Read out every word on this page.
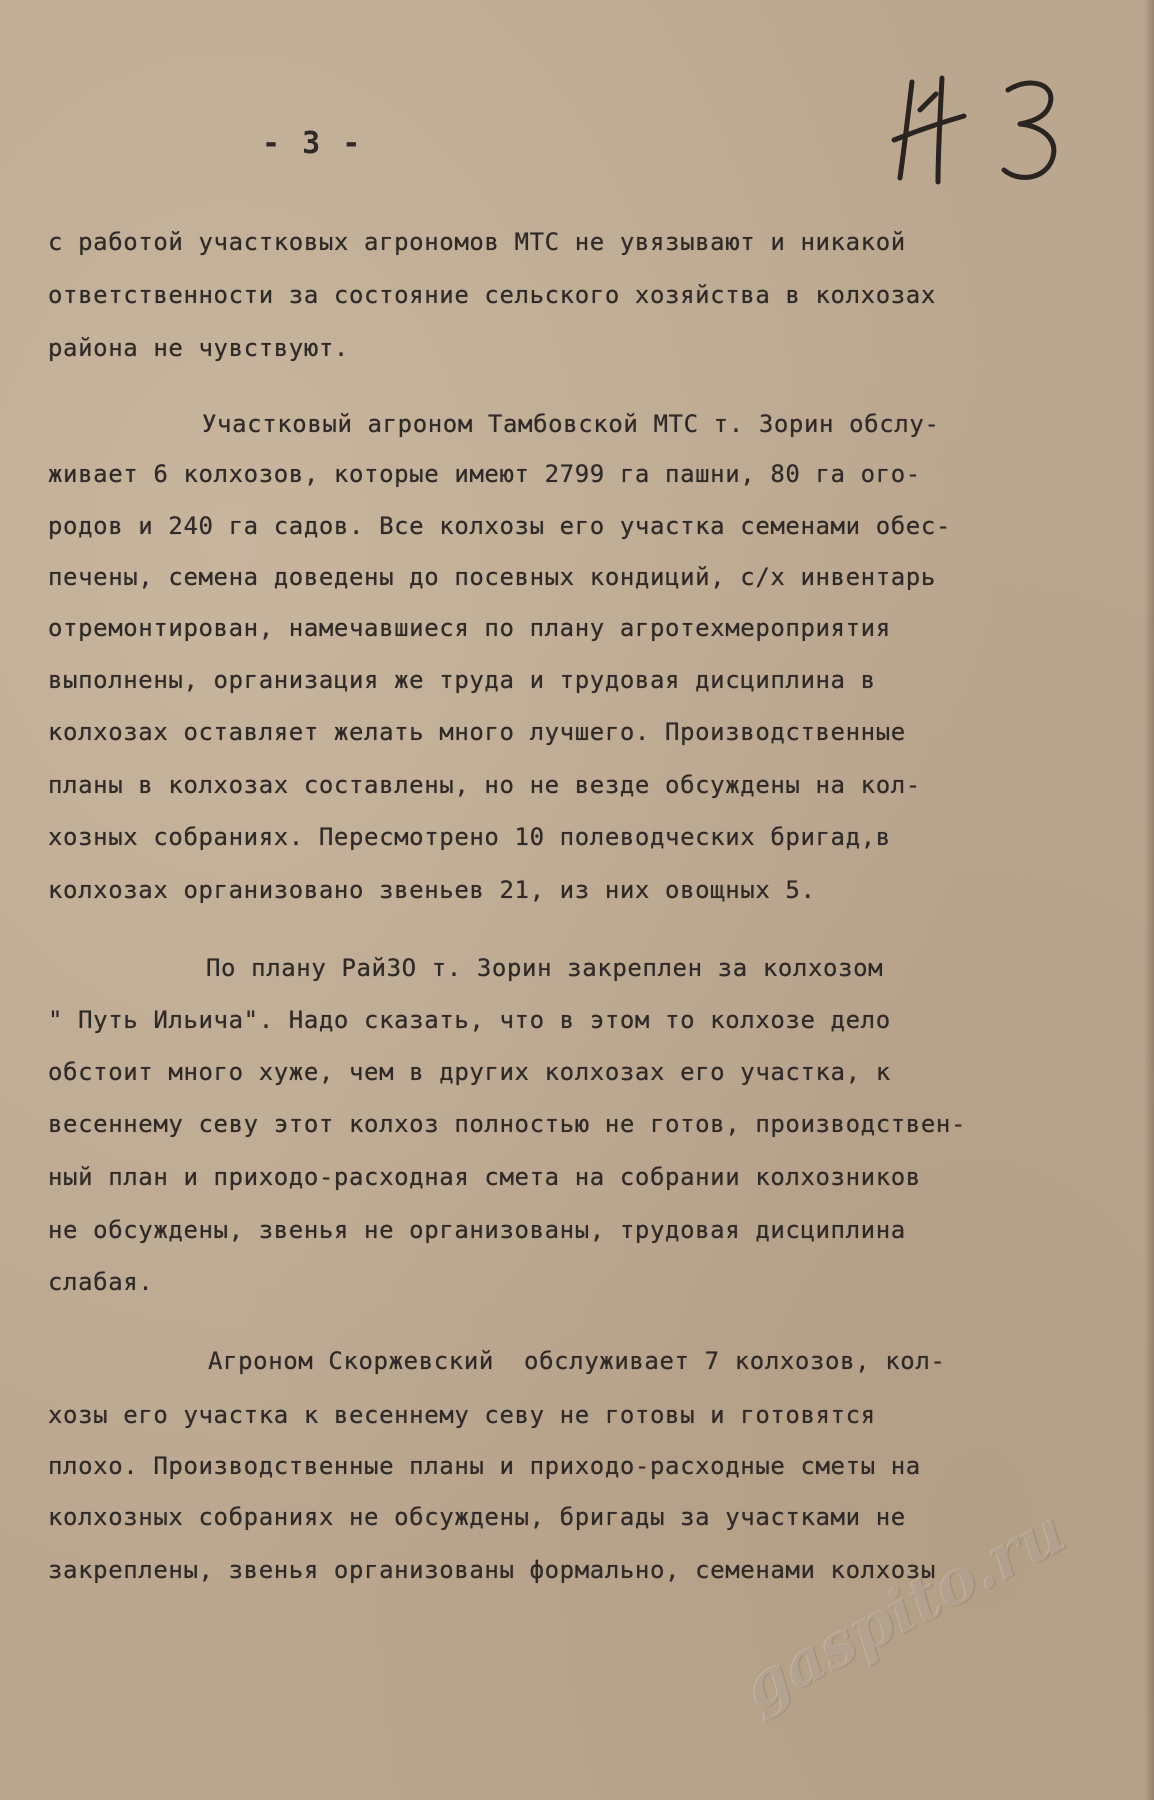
- 3 -

с работой участковых агрономов МТС не увязывают и никакой

ответственности за состояние сельского хозяйства в колхозах

района не чувствуют.

Участковый агроном Тамбовской МТС т. Зорин обслу-

живает 6 колхозов, которые имеют 2799 га пашни, 80 га ого-

родов и 240 га садов. Все колхозы его участка семенами обес-

печены, семена доведены до посевных кондиций, с/х инвентарь

отремонтирован, намечавшиеся по плану агротехмероприятия

выполнены, организация же труда и трудовая дисциплина в

колхозах оставляет желать много лучшего. Производственные

планы в колхозах составлены, но не везде обсуждены на кол-

хозных собраниях. Пересмотрено 10 полеводческих бригад,в

колхозах организовано звеньев 21, из них овощных 5.

По плану РайЗО т. Зорин закреплен за колхозом

" Путь Ильича". Надо сказать, что в этом то колхозе дело

обстоит много хуже, чем в других колхозах его участка, к

весеннему севу этот колхоз полностью не готов, производствен-

ный план и приходо-расходная смета на собрании колхозников

не обсуждены, звенья не организованы, трудовая дисциплина

слабая.

Агроном Скоржевский  обслуживает 7 колхозов, кол-

хозы его участка к весеннему севу не готовы и готовятся

плохо. Производственные планы и приходо-расходные сметы на

колхозных собраниях не обсуждены, бригады за участками не

закреплены, звенья организованы формально, семенами колхозы

gaspito.ru
